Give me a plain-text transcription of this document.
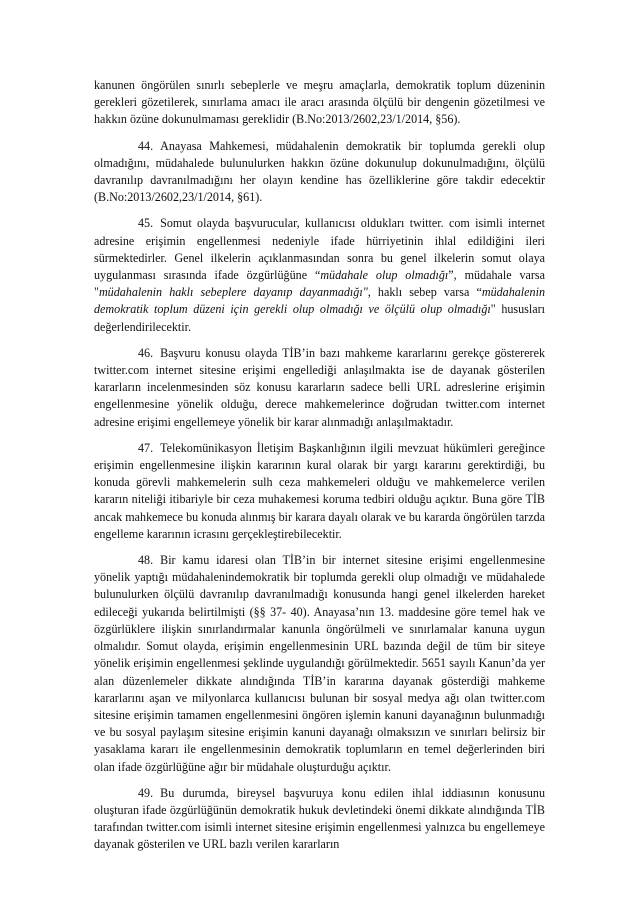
kanunen öngörülen sınırlı sebeplerle ve meşru amaçlarla, demokratik toplum düzeninin gerekleri gözetilerek, sınırlama amacı ile aracı arasında ölçülü bir dengenin gözetilmesi ve hakkın özüne dokunulmaması gereklidir (B.No:2013/2602,23/1/2014, §56).

44. Anayasa Mahkemesi, müdahalenin demokratik bir toplumda gerekli olup olmadığını, müdahalede bulunulurken hakkın özüne dokunulup dokunulmadığını, ölçülü davranılıp davranılmadığını her olayın kendine has özelliklerine göre takdir edecektir (B.No:2013/2602,23/1/2014, §61).

45. Somut olayda başvurucular, kullanıcısı oldukları twitter. com isimli internet adresine erişimin engellenmesi nedeniyle ifade hürriyetinin ihlal edildiğini ileri sürmektedirler. Genel ilkelerin açıklanmasından sonra bu genel ilkelerin somut olaya uygulanması sırasında ifade özgürlüğüne “müdahale olup olmadığı”, müdahale varsa "müdahalenin haklı sebeplere dayanıp dayanmadığı", haklı sebep varsa “müdahalenin demokratik toplum düzeni için gerekli olup olmadığı ve ölçülü olup olmadığı" hususları değerlendirilecektir.

46. Başvuru konusu olayda TİB’in bazı mahkeme kararlarını gerekçe göstererek twitter.com internet sitesine erişimi engellediği anlaşılmakta ise de dayanak gösterilen kararların incelenmesinden söz konusu kararların sadece belli URL adreslerine erişimin engellenmesine yönelik olduğu, derece mahkemelerince doğrudan twitter.com internet adresine erişimi engellemeye yönelik bir karar alınmadığı anlaşılmaktadır.

47. Telekomünikasyon İletişim Başkanlığının ilgili mevzuat hükümleri gereğince erişimin engellenmesine ilişkin kararının kural olarak bir yargı kararını gerektirdiği, bu konuda görevli mahkemelerin sulh ceza mahkemeleri olduğu ve mahkemelerce verilen kararın niteliği itibariyle bir ceza muhakemesi koruma tedbiri olduğu açıktır. Buna göre TİB ancak mahkemece bu konuda alınmış bir karara dayalı olarak ve bu kararda öngörülen tarzda engelleme kararının icrasını gerçekleştirebilecektir.

48. Bir kamu idaresi olan TİB’in bir internet sitesine erişimi engellenmesine yönelik yaptığı müdahalenindemokratik bir toplumda gerekli olup olmadığı ve müdahalede bulunulurken ölçülü davranılıp davranılmadığı konusunda hangi genel ilkelerden hareket edileceği yukarıda belirtilmişti (§§ 37- 40). Anayasa’nın 13. maddesine göre temel hak ve özgürlüklere ilişkin sınırlandırmalar kanunla öngörülmeli ve sınırlamalar kanuna uygun olmalıdır. Somut olayda, erişimin engellenmesinin URL bazında değil de tüm bir siteye yönelik erişimin engellenmesi şeklinde uygulandığı görülmektedir. 5651 sayılı Kanun’da yer alan düzenlemeler dikkate alındığında TİB’in kararına dayanak gösterdiği mahkeme kararlarını aşan ve milyonlarca kullanıcısı bulunan bir sosyal medya ağı olan twitter.com sitesine erişimin tamamen engellenmesini öngören işlemin kanuni dayanağının bulunmadığı ve bu sosyal paylaşım sitesine erişimin kanuni dayanağı olmaksızın ve sınırları belirsiz bir yasaklama kararı ile engellenmesinin demokratik toplumların en temel değerlerinden biri olan ifade özgürlüğüne ağır bir müdahale oluşturduğu açıktır.

49. Bu durumda, bireysel başvuruya konu edilen ihlal iddiasının konusunu oluşturan ifade özgürlüğünün demokratik hukuk devletindeki önemi dikkate alındığında TİB tarafından twitter.com isimli internet sitesine erişimin engellenmesi yalnızca bu engellemeye dayanak gösterilen ve URL bazlı verilen kararların
